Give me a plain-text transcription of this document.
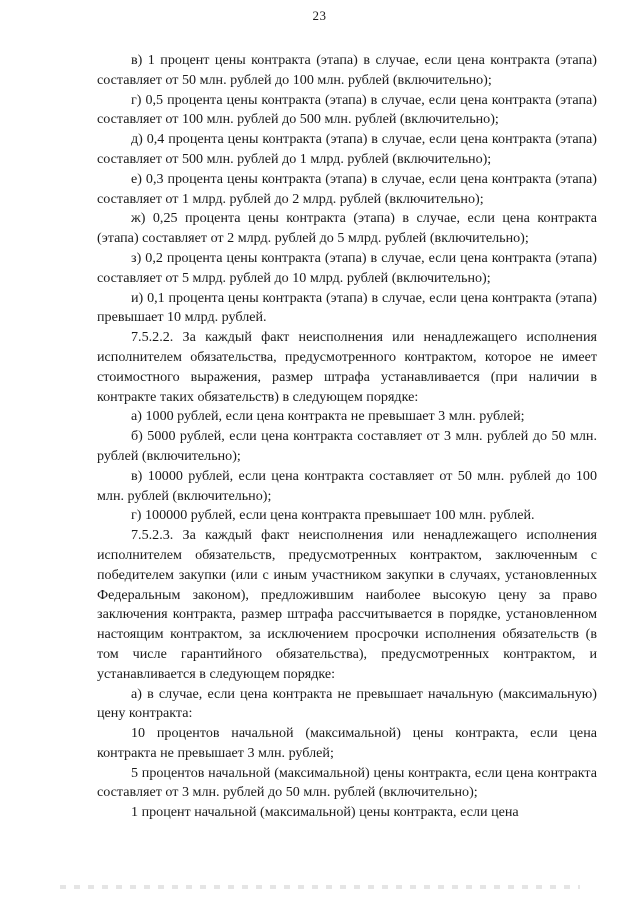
23

в) 1 процент цены контракта (этапа) в случае, если цена контракта (этапа) составляет от 50 млн. рублей до 100 млн. рублей (включительно);

г) 0,5 процента цены контракта (этапа) в случае, если цена контракта (этапа) составляет от 100 млн. рублей до 500 млн. рублей (включительно);

д) 0,4 процента цены контракта (этапа) в случае, если цена контракта (этапа) составляет от 500 млн. рублей до 1 млрд. рублей (включительно);

е) 0,3 процента цены контракта (этапа) в случае, если цена контракта (этапа) составляет от 1 млрд. рублей до 2 млрд. рублей (включительно);

ж) 0,25 процента цены контракта (этапа) в случае, если цена контракта (этапа) составляет от 2 млрд. рублей до 5 млрд. рублей (включительно);

з) 0,2 процента цены контракта (этапа) в случае, если цена контракта (этапа) составляет от 5 млрд. рублей до 10 млрд. рублей (включительно);

и) 0,1 процента цены контракта (этапа) в случае, если цена контракта (этапа) превышает 10 млрд. рублей.

7.5.2.2. За каждый факт неисполнения или ненадлежащего исполнения исполнителем обязательства, предусмотренного контрактом, которое не имеет стоимостного выражения, размер штрафа устанавливается (при наличии в контракте таких обязательств) в следующем порядке:

а) 1000 рублей, если цена контракта не превышает 3 млн. рублей;

б) 5000 рублей, если цена контракта составляет от 3 млн. рублей до 50 млн. рублей (включительно);

в) 10000 рублей, если цена контракта составляет от 50 млн. рублей до 100 млн. рублей (включительно);

г) 100000 рублей, если цена контракта превышает 100 млн. рублей.

7.5.2.3. За каждый факт неисполнения или ненадлежащего исполнения исполнителем обязательств, предусмотренных контрактом, заключенным с победителем закупки (или с иным участником закупки в случаях, установленных Федеральным законом), предложившим наиболее высокую цену за право заключения контракта, размер штрафа рассчитывается в порядке, установленном настоящим контрактом, за исключением просрочки исполнения обязательств (в том числе гарантийного обязательства), предусмотренных контрактом, и устанавливается в следующем порядке:

а) в случае, если цена контракта не превышает начальную (максимальную) цену контракта:

10 процентов начальной (максимальной) цены контракта, если цена контракта не превышает 3 млн. рублей;

5 процентов начальной (максимальной) цены контракта, если цена контракта составляет от 3 млн. рублей до 50 млн. рублей (включительно);

1 процент начальной (максимальной) цены контракта, если цена
